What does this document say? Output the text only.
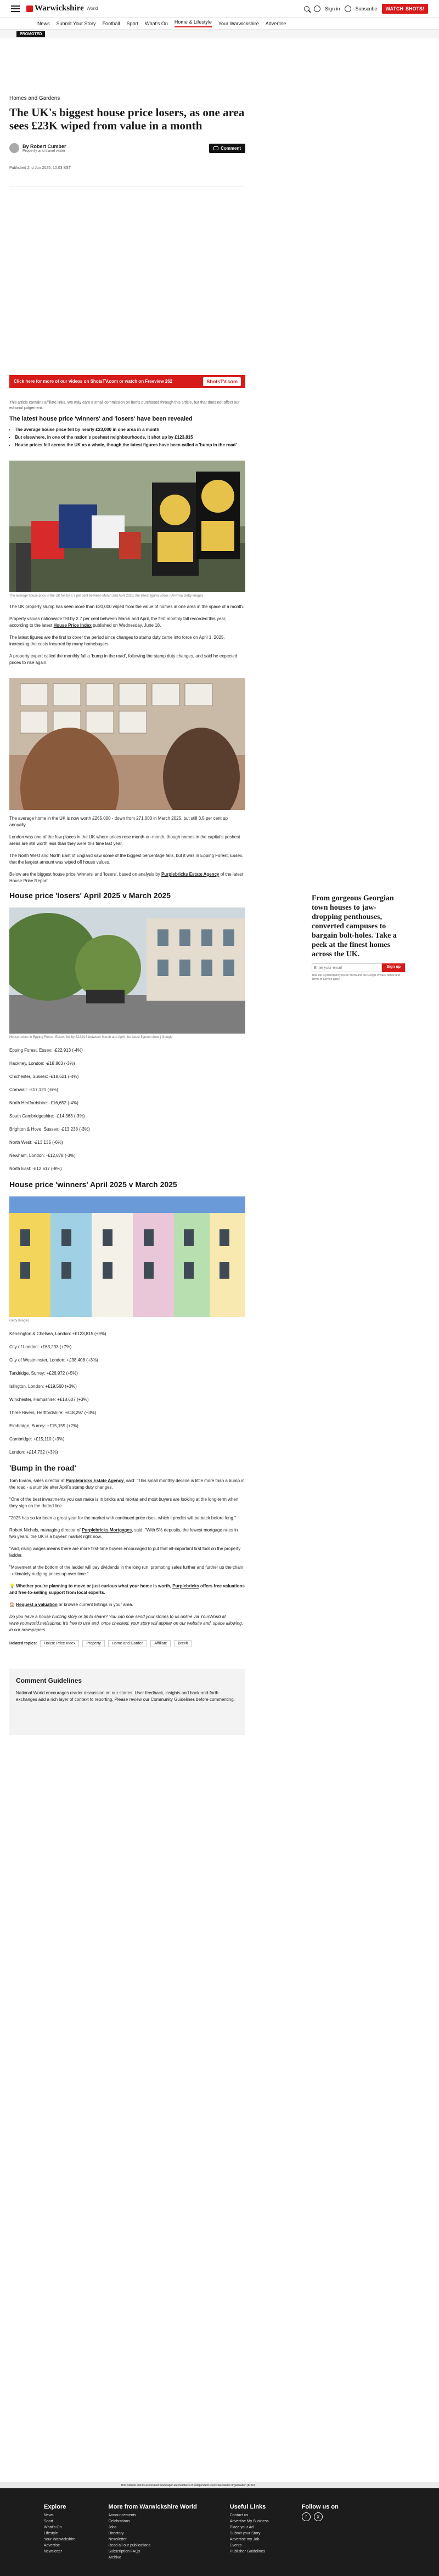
Warwickshire World	Sign in	Subscribe WATCH SHOTS!
News Submit Your Story Football Sport What's On Home & Lifestyle Your Warwickshire Advertise
PROMOTED
Homes and Gardens
The UK's biggest house price losers, as one area sees £23K wiped from value in a month
By Robert Cumber
Property and travel writer
Comment
Published 2nd Jun 2025, 10:03 BST
Click here for more of our videos on ShotsTV.com or watch on Freeview 262	ShotsTV.com
This article contains affiliate links. We may earn a small commission on items purchased through this article, but that does not affect our editorial judgement.
The latest house price 'winners' and 'losers' have been revealed
• The average house price fell by nearly £23,000 in one area in a month
• But elsewhere, in one of the nation's poshest neighbourhoods, it shot up by £123,815
• House prices fell across the UK as a whole, though the latest figures have been called a 'bump in the road'
The average house price in the UK fell by 2.7 per cent between March and April 2025, the latest figures show. | AFP via Getty Images

The UK property slump has seen more than £20,000 wiped from the value of homes in one area in the space of a month.

Property values nationwide fell by 2.7 per cent between March and April, the first monthly fall recorded this year, according to the latest House Price Index published on Wednesday, June 18.

The latest figures are the first to cover the period since changes to stamp duty came into force on April 1, 2025, increasing the costs incurred by many homebuyers.

A property expert called the monthly fall a 'bump in the road', following the stamp duty changes, and said he expected prices to rise again.

The average home in the UK is now worth £265,000 - down from 271,000 in March 2025, but still 3.5 per cent up annually.

London was one of the few places in the UK where prices rose month-on-month, though homes in the capital's poshest areas are still worth less than they were this time last year.

The North West and North East of England saw some of the biggest percentage falls, but it was in Epping Forest, Essex, that the largest amount was wiped off house values.

Below are the biggest house price 'winners' and 'losers', based on analysis by Purplebricks Estate Agency of the latest House Price Report.

House price 'losers' April 2025 v March 2025
House prices in Epping Forest, Essex, fell by £22,913 between March and April, the latest figures show | Google
Epping Forest, Essex: -£22,913 (-4%)
Hackney, London: -£18,863 (-3%)
Chichester, Sussex: -£18,621 (-4%)
Cornwall: -£17,121 (-6%)
North Hertfordshire: -£16,652 (-4%)
South Cambridgeshire: -£14,363 (-3%)
Brighton & Hove, Sussex: -£13,238 (-3%)
North West: -£13,135 (-6%)
Newham, London: -£12,878 (-3%)
North East: -£12,617 (-8%)
House price 'winners' April 2025 v March 2025
Getty Images
Kensington & Chelsea, London: +£123,815 (+9%)
City of London: +£63,233 (+7%)
City of Westminster, London: +£38,408 (+3%)
Tandridge, Surrey: +£26,972 (+5%)
Islington, London: +£19,560 (+3%)
Winchester, Hampshire: +£18,607 (+3%)
Three Rivers, Hertfordshire: +£18,297 (+3%)
Elmbridge, Surrey: +£15,159 (+2%)
Cambridge: +£15,110 (+3%)
London: +£14,732 (+3%)
'Bump in the road'

Tom Evans, sales director at Purplebricks Estate Agency, said: "This small monthly decline is little more than a bump in the road - a stumble after April's stamp duty changes.

"One of the best investments you can make is in bricks and mortar and most buyers are looking at the long-term when they sign on the dotted line.

"2025 has so far been a great year for the market with continued price rises, which I predict will be back before long."

Robert Nichols, managing director of Purplebricks Mortgages, said: "With 5% deposits, the lowest mortgage rates in two years, the UK is a buyers' market right now.

"And, rising wages means there are more first-time buyers encouraged to put that all-important first foot on the property ladder.

"Movement at the bottom of the ladder will pay dividends in the long run, promoting sales further and further up the chain - ultimately nudging prices up over time."

💡 Whether you're planning to move or just curious what your home is worth, Purplebricks offers free valuations and free-to-selling support from local experts.

🏠 Request a valuation or browse current listings in your area.

Do you have a house hunting story or tip to share? You can now send your stories to us online via YourWorld at www.yourworld.net/submit. It's free to use and, once checked, your story will appear on our website and, space allowing, in our newspapers.

Related topics:	House Price Index	Property	Home and Garden	Affiliate	Brexit
Comment Guidelines

National World encourages reader discussion on our stories. User feedback, insights and back-and-forth exchanges add a rich layer of context to reporting. Please review our Community Guidelines before commenting.

From gorgeous Georgian town houses to jaw-dropping penthouses, converted campuses to bargain bolt-holes. Take a peek at the finest homes across the UK.
Enter your email
Sign up
This site is protected by reCAPTCHA and the Google Privacy Notice and Terms of Service apply.
This website and its associated newspaper are members of Independent Press Standards Organisation (IPSO)
Explore
News
Sport
What's On
Lifestyle
Your Warwickshire
Advertise
Newsletter
More from Warwickshire World
Announcements
Celebrations
Jobs
Directory
Newsletter
Read all our publications
Subscription FAQs
Archive
Useful Links
Contact us
Advertise My Business
Place your Ad
Submit your Story
Advertise my Job
Events
Publisher Guidelines
Follow us on
f	X
